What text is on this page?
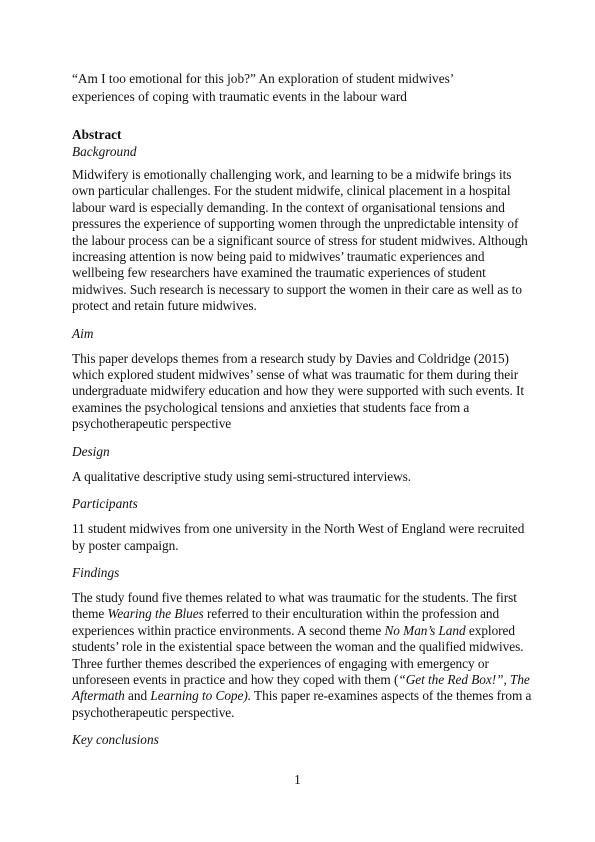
“Am I too emotional for this job?” An exploration of student midwives’
experiences of coping with traumatic events in the labour ward

Abstract

Background

Midwifery is emotionally challenging work, and learning to be a midwife brings its own particular challenges. For the student midwife, clinical placement in a hospital labour ward is especially demanding. In the context of organisational tensions and pressures the experience of supporting women through the unpredictable intensity of the labour process can be a significant source of stress for student midwives. Although increasing attention is now being paid to midwives’ traumatic experiences and wellbeing few researchers have examined the traumatic experiences of student midwives. Such research is necessary to support the women in their care as well as to protect and retain future midwives.

Aim

This paper develops themes from a research study by Davies and Coldridge (2015) which explored student midwives’ sense of what was traumatic for them during their undergraduate midwifery education and how they were supported with such events. It examines the psychological tensions and anxieties that students face from a psychotherapeutic perspective

Design

A qualitative descriptive study using semi-structured interviews.

Participants

11 student midwives from one university in the North West of England were recruited by poster campaign.

Findings

The study found five themes related to what was traumatic for the students. The first theme Wearing the Blues referred to their enculturation within the profession and experiences within practice environments. A second theme No Man’s Land explored students’ role in the existential space between the woman and the qualified midwives. Three further themes described the experiences of engaging with emergency or unforeseen events in practice and how they coped with them (“Get the Red Box!”, The Aftermath and Learning to Cope). This paper re-examines aspects of the themes from a psychotherapeutic perspective.

Key conclusions

1
